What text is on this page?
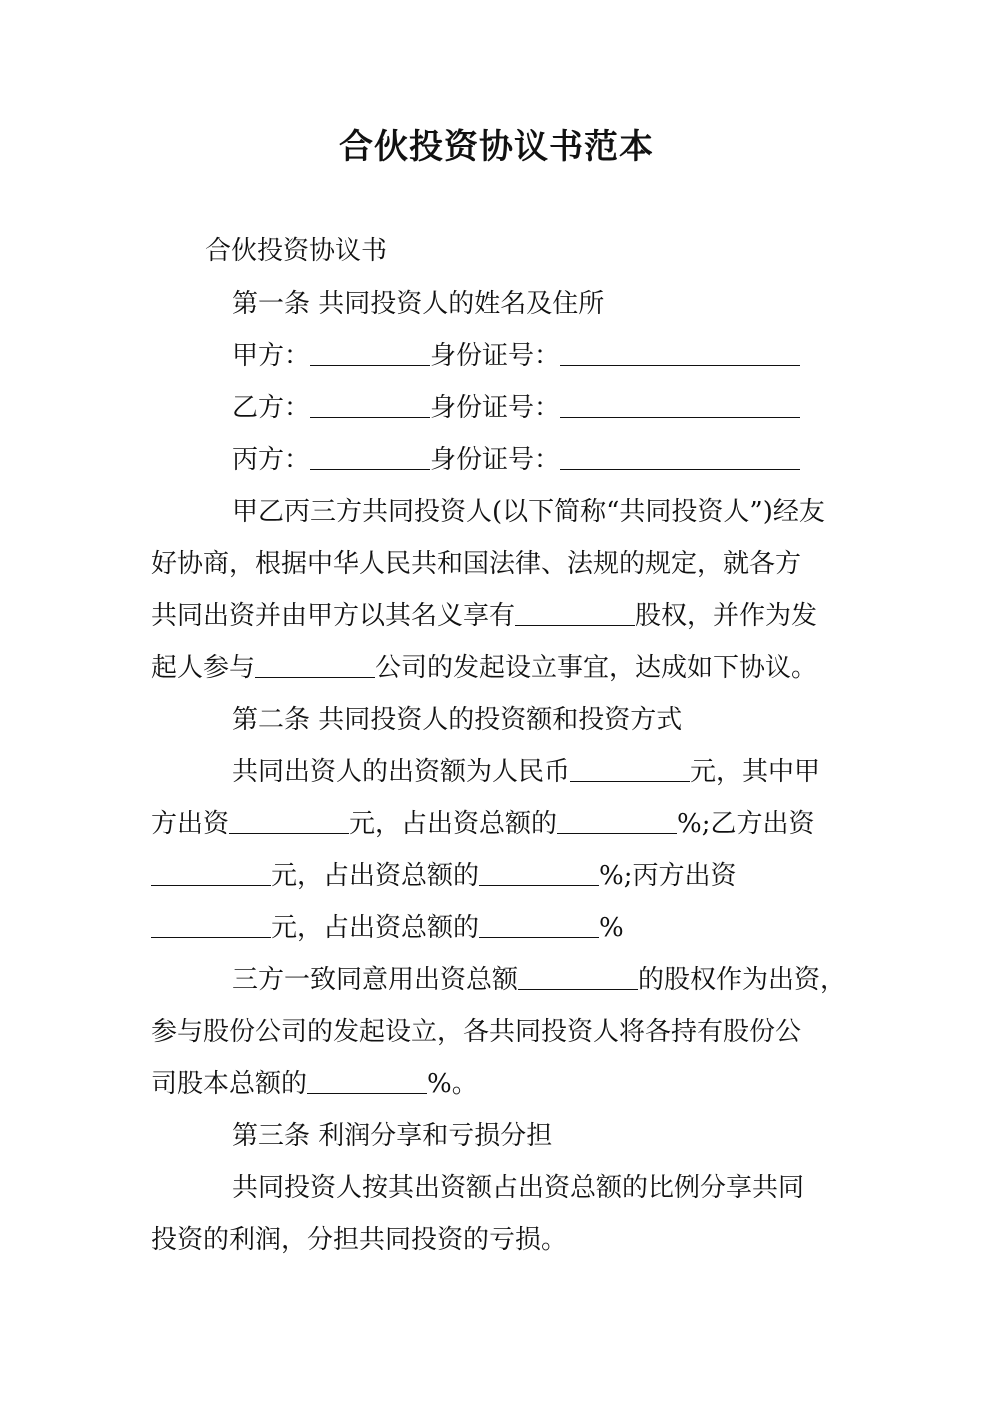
合伙投资协议书范本
合伙投资协议书
第一条 共同投资人的姓名及住所
甲方：	身份证号：
乙方：	身份证号：
丙方：	身份证号：
甲乙丙三方共同投资人(以下简称“共同投资人”)经友
好协商，根据中华人民共和国法律、法规的规定，就各方
共同出资并由甲方以其名义享有	股权，并作为发
起人参与	公司的发起设立事宜，达成如下协议。
第二条 共同投资人的投资额和投资方式
共同出资人的出资额为人民币	元，其中甲
方出资	元，占出资总额的	%;乙方出资
元，占出资总额的	%;丙方出资
元，占出资总额的	%
三方一致同意用出资总额	的股权作为出资，
参与股份公司的发起设立，各共同投资人将各持有股份公
司股本总额的	%。
第三条 利润分享和亏损分担
共同投资人按其出资额占出资总额的比例分享共同
投资的利润，分担共同投资的亏损。
